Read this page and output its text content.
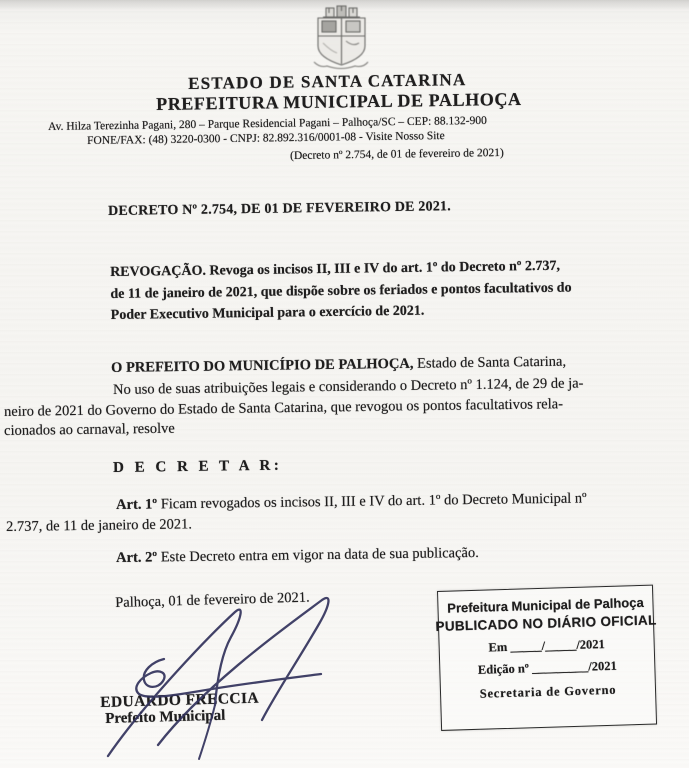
ESTADO DE SANTA CATARINA
PREFEITURA MUNICIPAL DE PALHOÇA
Av. Hilza Terezinha Pagani, 280 – Parque Residencial Pagani – Palhoça/SC – CEP: 88.132-900
FONE/FAX: (48) 3220-0300 - CNPJ: 82.892.316/0001-08 - Visite Nosso Site
(Decreto nº 2.754, de 01 de fevereiro de 2021)
DECRETO Nº 2.754, DE 01 DE FEVEREIRO DE 2021.
REVOGAÇÃO. Revoga os incisos II, III e IV do art. 1º do Decreto nº 2.737,
de 11 de janeiro de 2021, que dispõe sobre os feriados e pontos facultativos do
Poder Executivo Municipal para o exercício de 2021.
O PREFEITO DO MUNICÍPIO DE PALHOÇA, Estado de Santa Catarina,
No uso de suas atribuições legais e considerando o Decreto nº 1.124, de 29 de ja-
neiro de 2021 do Governo do Estado de Santa Catarina, que revogou os pontos facultativos rela-
cionados ao carnaval, resolve
D E C R E T A R:
Art. 1º Ficam revogados os incisos II, III e IV do art. 1º do Decreto Municipal nº
2.737, de 11 de janeiro de 2021.
Art. 2º Este Decreto entra em vigor na data de sua publicação.
Palhoça, 01 de fevereiro de 2021.
EDUARDO FRECCIA
Prefeito Municipal
Prefeitura Municipal de Palhoça
PUBLICADO NO DIÁRIO OFICIAL
Em _____/_____/2021
Edição nº _________/2021
Secretaria de Governo
